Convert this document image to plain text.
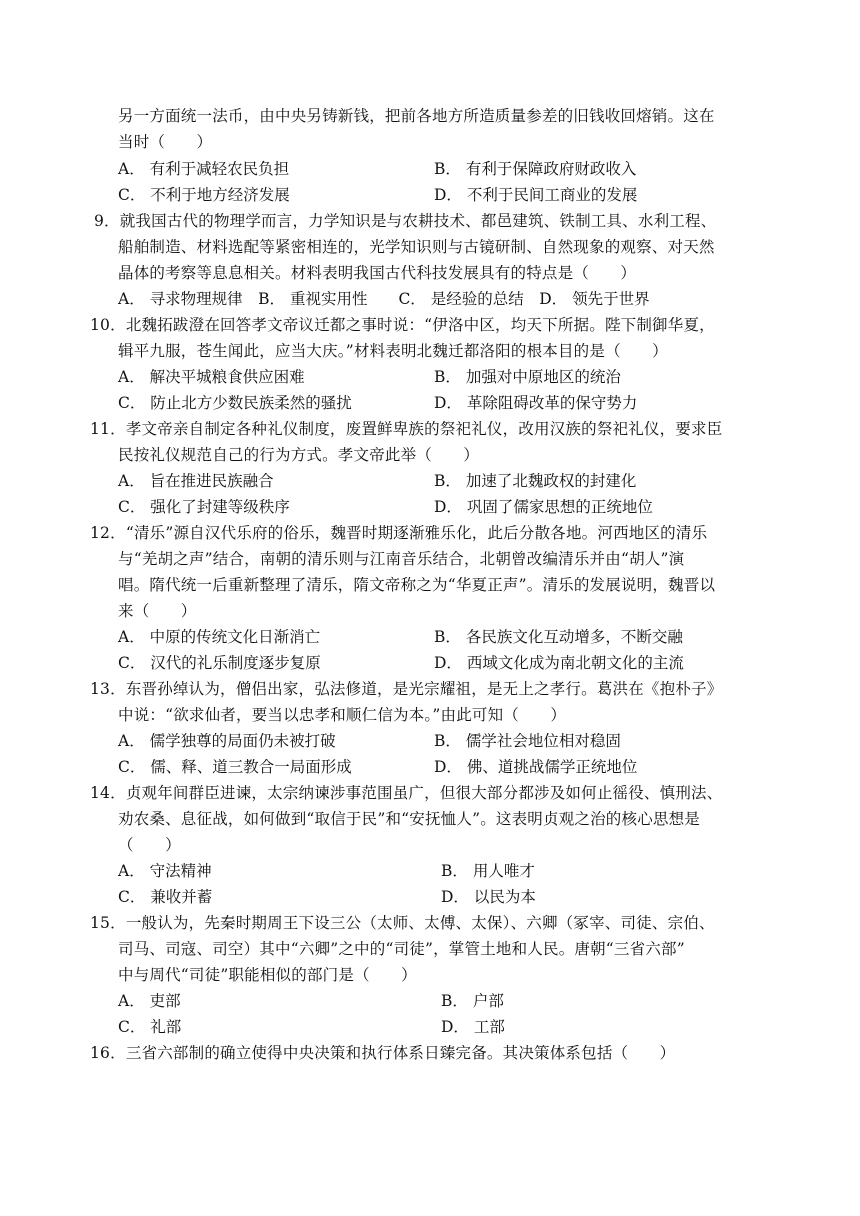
另一方面统一法币，由中央另铸新钱，把前各地方所造质量参差的旧钱收回熔销。这在
当时（　　）
A． 有利于减轻农民负担	B． 有利于保障政府财政收入
C． 不利于地方经济发展	D． 不利于民间工商业的发展
9．就我国古代的物理学而言，力学知识是与农耕技术、都邑建筑、铁制工具、水利工程、
船舶制造、材料选配等紧密相连的，光学知识则与古镜研制、自然现象的观察、对天然
晶体的考察等息息相关。材料表明我国古代科技发展具有的特点是（　　）
A． 寻求物理规律　B． 重视实用性　　C． 是经验的总结　D． 领先于世界
10．北魏拓跋澄在回答孝文帝议迁都之事时说：“伊洛中区，均天下所据。陛下制御华夏，
辑平九服，苍生闻此，应当大庆。”材料表明北魏迁都洛阳的根本目的是（　　）
A． 解决平城粮食供应困难	B． 加强对中原地区的统治
C． 防止北方少数民族柔然的骚扰	D． 革除阻碍改革的保守势力
11．孝文帝亲自制定各种礼仪制度，废置鲜卑族的祭祀礼仪，改用汉族的祭祀礼仪，要求臣
民按礼仪规范自己的行为方式。孝文帝此举（　　）
A． 旨在推进民族融合	B． 加速了北魏政权的封建化
C． 强化了封建等级秩序	D． 巩固了儒家思想的正统地位
12．“清乐”源自汉代乐府的俗乐，魏晋时期逐渐雅乐化，此后分散各地。河西地区的清乐
与“羌胡之声”结合，南朝的清乐则与江南音乐结合，北朝曾改编清乐并由“胡人”演
唱。隋代统一后重新整理了清乐，隋文帝称之为“华夏正声”。清乐的发展说明，魏晋以
来（　　）
A． 中原的传统文化日渐消亡	B． 各民族文化互动增多，不断交融
C． 汉代的礼乐制度逐步复原	D． 西域文化成为南北朝文化的主流
13．东晋孙绰认为，僧侣出家，弘法修道，是光宗耀祖，是无上之孝行。葛洪在《抱朴子》
中说：“欲求仙者，要当以忠孝和顺仁信为本。”由此可知（　　）
A． 儒学独尊的局面仍未被打破	B． 儒学社会地位相对稳固
C． 儒、释、道三教合一局面形成	D． 佛、道挑战儒学正统地位
14．贞观年间群臣进谏，太宗纳谏涉事范围虽广，但很大部分都涉及如何止徭役、慎刑法、
劝农桑、息征战，如何做到“取信于民”和“安抚恤人”。这表明贞观之治的核心思想是
（　　）
A． 守法精神	B． 用人唯才
C． 兼收并蓄	D． 以民为本
15．一般认为，先秦时期周王下设三公（太师、太傅、太保）、六卿（冢宰、司徒、宗伯、
司马、司寇、司空）其中“六卿”之中的“司徒”，掌管土地和人民。唐朝“三省六部”
中与周代“司徒”职能相似的部门是（　　）
A． 吏部	B． 户部
C． 礼部	D． 工部
16．三省六部制的确立使得中央决策和执行体系日臻完备。其决策体系包括（　　）
